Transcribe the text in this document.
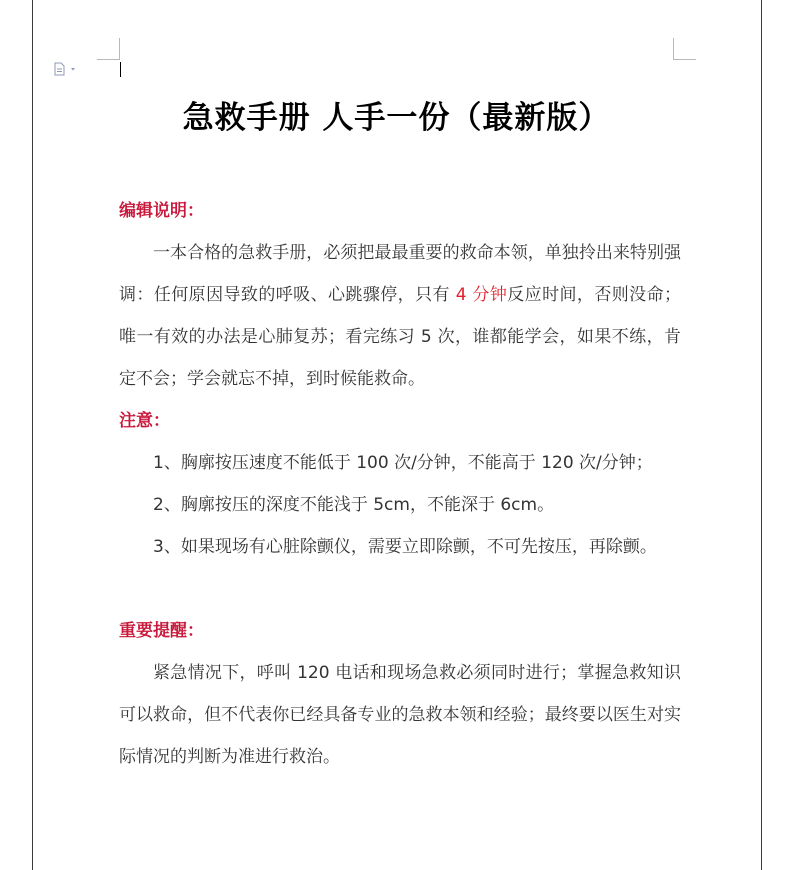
急救手册 人手一份（最新版）
编辑说明：

一本合格的急救手册，必须把最最重要的救命本领，单独拎出来特别强调：任何原因导致的呼吸、心跳骤停，只有 4 分钟反应时间，否则没命；唯一有效的办法是心肺复苏；看完练习 5 次，谁都能学会，如果不练，肯定不会；学会就忘不掉，到时候能救命。

注意：

1、胸廓按压速度不能低于 100 次/分钟，不能高于 120 次/分钟；

2、胸廓按压的深度不能浅于 5cm，不能深于 6cm。

3、如果现场有心脏除颤仪，需要立即除颤，不可先按压，再除颤。

重要提醒：

紧急情况下，呼叫 120 电话和现场急救必须同时进行；掌握急救知识可以救命，但不代表你已经具备专业的急救本领和经验；最终要以医生对实际情况的判断为准进行救治。
